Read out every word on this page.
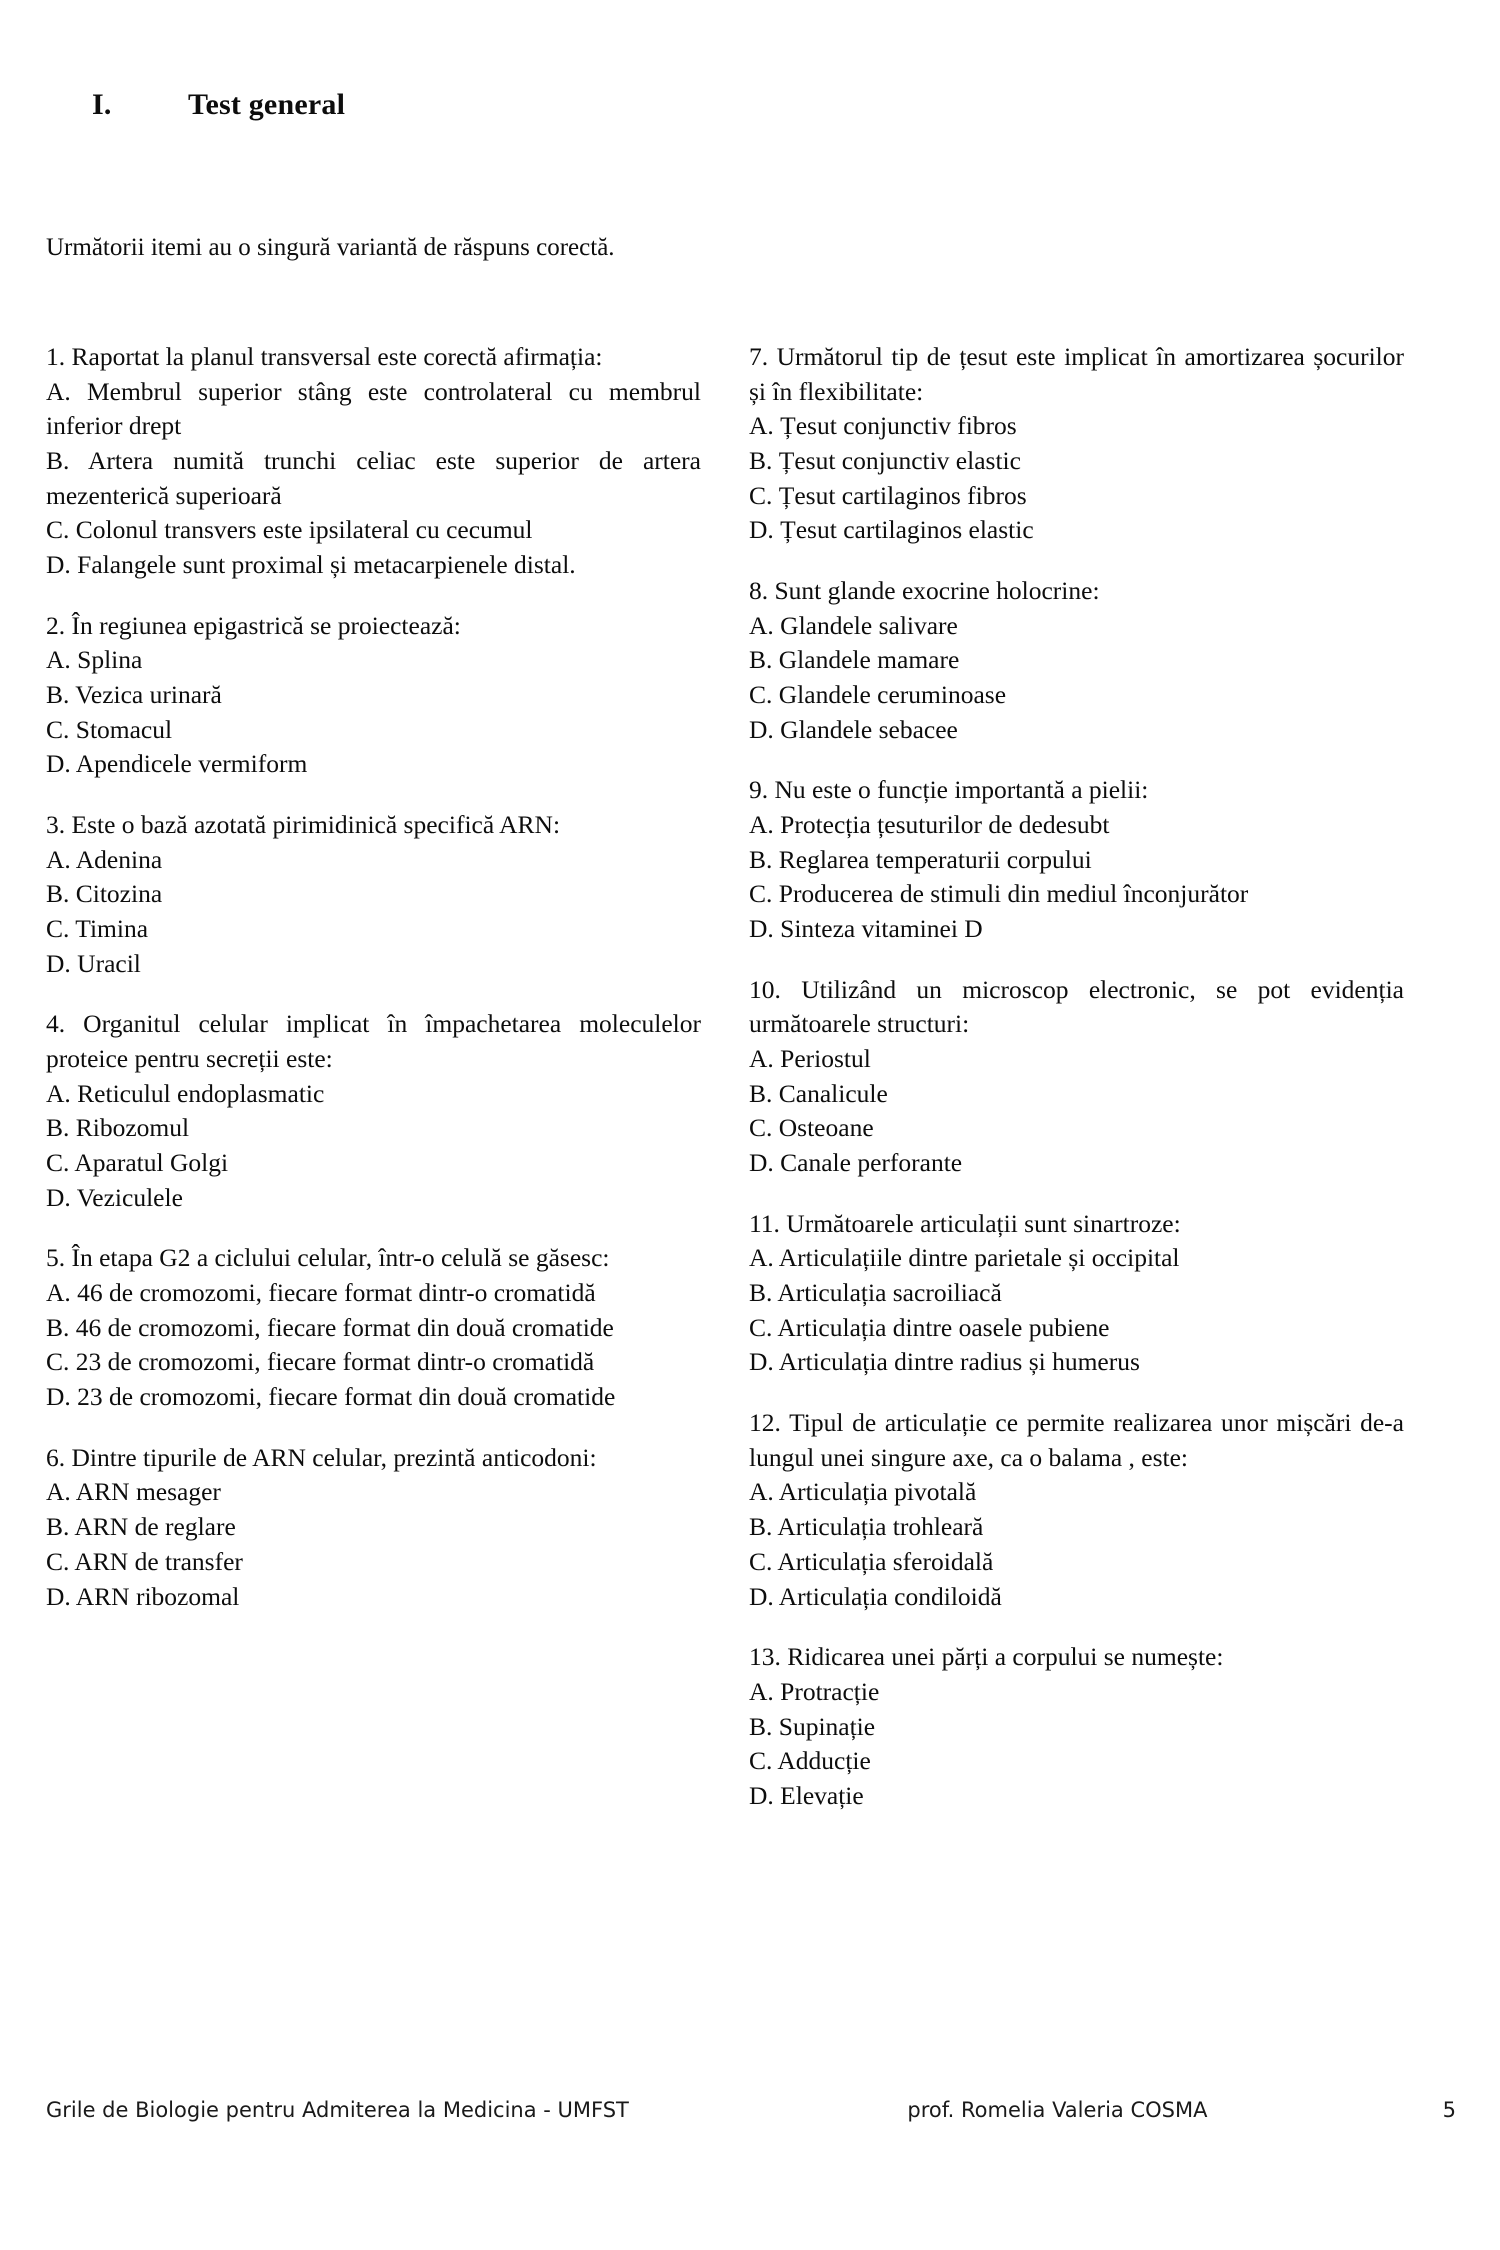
I.	Test general
Următorii itemi au o singură variantă de răspuns corectă.

1. Raportat la planul transversal este corectă afirmația:

A. Membrul superior stâng este controlateral cu membrul inferior drept

B. Artera numită trunchi celiac este superior de artera mezenterică superioară

C. Colonul transvers este ipsilateral cu cecumul

D. Falangele sunt proximal și metacarpienele distal.

2. În regiunea epigastrică se proiectează:

A. Splina

B. Vezica urinară

C. Stomacul

D. Apendicele vermiform

3. Este o bază azotată pirimidinică specifică ARN:

A. Adenina

B. Citozina

C. Timina

D. Uracil

4. Organitul celular implicat în împachetarea moleculelor proteice pentru secreții este:

A. Reticulul endoplasmatic

B. Ribozomul

C. Aparatul Golgi

D. Veziculele

5. În etapa G2 a ciclului celular, într-o celulă se găsesc:

A. 46 de cromozomi, fiecare format dintr-o cromatidă

B. 46 de cromozomi, fiecare format din două cromatide

C. 23 de cromozomi, fiecare format dintr-o cromatidă

D. 23 de cromozomi, fiecare format din două cromatide

6. Dintre tipurile de ARN celular, prezintă anticodoni:

A. ARN mesager

B. ARN de reglare

C. ARN de transfer

D. ARN ribozomal

7. Următorul tip de țesut este implicat în amortizarea șocurilor și în flexibilitate:

A. Țesut conjunctiv fibros

B. Țesut conjunctiv elastic

C. Țesut cartilaginos fibros

D. Țesut cartilaginos elastic

8. Sunt glande exocrine holocrine:

A. Glandele salivare

B. Glandele mamare

C. Glandele ceruminoase

D. Glandele sebacee

9. Nu este o funcție importantă a pielii:

A. Protecția țesuturilor de dedesubt

B. Reglarea temperaturii corpului

C. Producerea de stimuli din mediul înconjurător

D. Sinteza vitaminei D

10. Utilizând un microscop electronic, se pot evidenția următoarele structuri:

A. Periostul

B. Canalicule

C. Osteoane

D. Canale perforante

11. Următoarele articulații sunt sinartroze:

A. Articulațiile dintre parietale și occipital

B. Articulația sacroiliacă

C. Articulația dintre oasele pubiene

D. Articulația dintre radius și humerus

12. Tipul de articulație ce permite realizarea unor mișcări de-a lungul unei singure axe, ca o balama , este:

A. Articulația pivotală

B. Articulația trohleară

C. Articulația sferoidală

D. Articulația condiloidă

13. Ridicarea unei părți a corpului se numește:

A. Protracție

B. Supinație

C. Adducție

D. Elevație

Grile de Biologie pentru Admiterea la Medicina - UMFST	prof. Romelia Valeria COSMA	5
